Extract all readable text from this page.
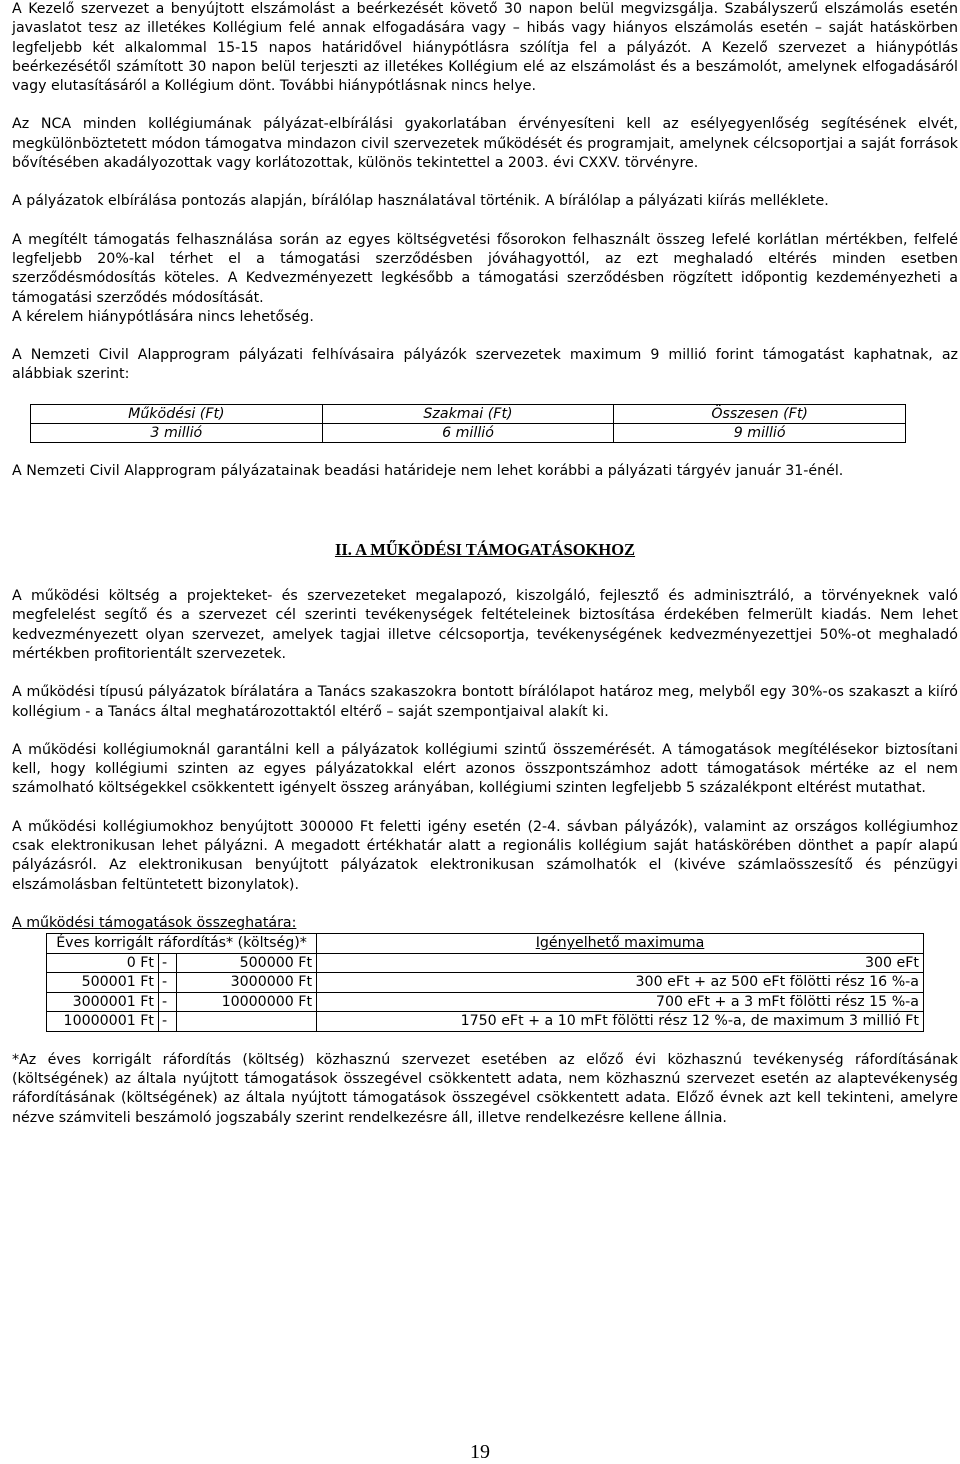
A Kezelő szervezet a benyújtott elszámolást a beérkezését követő 30 napon belül megvizsgálja. Szabályszerű elszámolás esetén javaslatot tesz az illetékes Kollégium felé annak elfogadására vagy – hibás vagy hiányos elszámolás esetén – saját hatáskörben legfeljebb két alkalommal 15-15 napos határidővel hiánypótlásra szólítja fel a pályázót. A Kezelő szervezet a hiánypótlás beérkezésétől számított 30 napon belül terjeszti az illetékes Kollégium elé az elszámolást és a beszámolót, amelynek elfogadásáról vagy elutasításáról a Kollégium dönt. További hiánypótlásnak nincs helye.

Az NCA minden kollégiumának pályázat-elbírálási gyakorlatában érvényesíteni kell az esélyegyenlőség segítésének elvét, megkülönböztetett módon támogatva mindazon civil szervezetek működését és programjait, amelynek célcsoportjai a saját források bővítésében akadályozottak vagy korlátozottak, különös tekintettel a 2003. évi CXXV. törvényre.

A pályázatok elbírálása pontozás alapján, bírálólap használatával történik. A bírálólap a pályázati kiírás melléklete.

A megítélt támogatás felhasználása során az egyes költségvetési fősorokon felhasznált összeg lefelé korlátlan mértékben, felfelé legfeljebb 20%-kal térhet el a támogatási szerződésben jóváhagyottól, az ezt meghaladó eltérés minden esetben szerződésmódosítás köteles. A Kedvezményezett legkésőbb a támogatási szerződésben rögzített időpontig kezdeményezheti a támogatási szerződés módosítását.

A kérelem hiánypótlására nincs lehetőség.

A Nemzeti Civil Alapprogram pályázati felhívásaira pályázók szervezetek maximum 9 millió forint támogatást kaphatnak, az alábbiak szerint:

Működési (Ft)	Szakmai (Ft)	Összesen (Ft)
3 millió	6 millió	9 millió

A Nemzeti Civil Alapprogram pályázatainak beadási határideje nem lehet korábbi a pályázati tárgyév január 31-énél.

II. A MŰKÖDÉSI TÁMOGATÁSOKHOZ

A működési költség a projekteket- és szervezeteket megalapozó, kiszolgáló, fejlesztő és adminisztráló, a törvényeknek való megfelelést segítő és a szervezet cél szerinti tevékenységek feltételeinek biztosítása érdekében felmerült kiadás. Nem lehet kedvezményezett olyan szervezet, amelyek tagjai illetve célcsoportja, tevékenységének kedvezményezettjei 50%-ot meghaladó mértékben profitorientált szervezetek.

A működési típusú pályázatok bírálatára a Tanács szakaszokra bontott bírálólapot határoz meg, melyből egy 30%-os szakaszt a kiíró kollégium - a Tanács által meghatározottaktól eltérő – saját szempontjaival alakít ki.

A működési kollégiumoknál garantálni kell a pályázatok kollégiumi szintű összemérését. A támogatások megítélésekor biztosítani kell, hogy kollégiumi szinten az egyes pályázatokkal elért azonos összpontszámhoz adott támogatások mértéke az el nem számolható költségekkel csökkentett igényelt összeg arányában, kollégiumi szinten legfeljebb 5 százalékpont eltérést mutathat.

A működési kollégiumokhoz benyújtott 300000 Ft feletti igény esetén (2-4. sávban pályázók), valamint az országos kollégiumhoz csak elektronikusan lehet pályázni. A megadott értékhatár alatt a regionális kollégium saját hatáskörében dönthet a papír alapú pályázásról. Az elektronikusan benyújtott pályázatok elektronikusan számolhatók el (kivéve számlaösszesítő és pénzügyi elszámolásban feltüntetett bizonylatok).

A működési támogatások összeghatára:

Éves korrigált ráfordítás* (költség)*			Igényelhető maximuma
0 Ft	-	500000 Ft	300 eFt
500001 Ft	-	3000000 Ft	300 eFt + az 500 eFt fölötti rész 16 %-a
3000001 Ft	-	10000000 Ft	700 eFt + a 3 mFt fölötti rész 15 %-a
10000001 Ft	-		1750 eFt + a 10 mFt fölötti rész 12 %-a, de maximum 3 millió Ft

*Az éves korrigált ráfordítás (költség) közhasznú szervezet esetében az előző évi közhasznú tevékenység ráfordításának (költségének) az általa nyújtott támogatások összegével csökkentett adata, nem közhasznú szervezet esetén az alaptevékenység ráfordításának (költségének) az általa nyújtott támogatások összegével csökkentett adata. Előző évnek azt kell tekinteni, amelyre nézve számviteli beszámoló jogszabály szerint rendelkezésre áll, illetve rendelkezésre kellene állnia.

19
